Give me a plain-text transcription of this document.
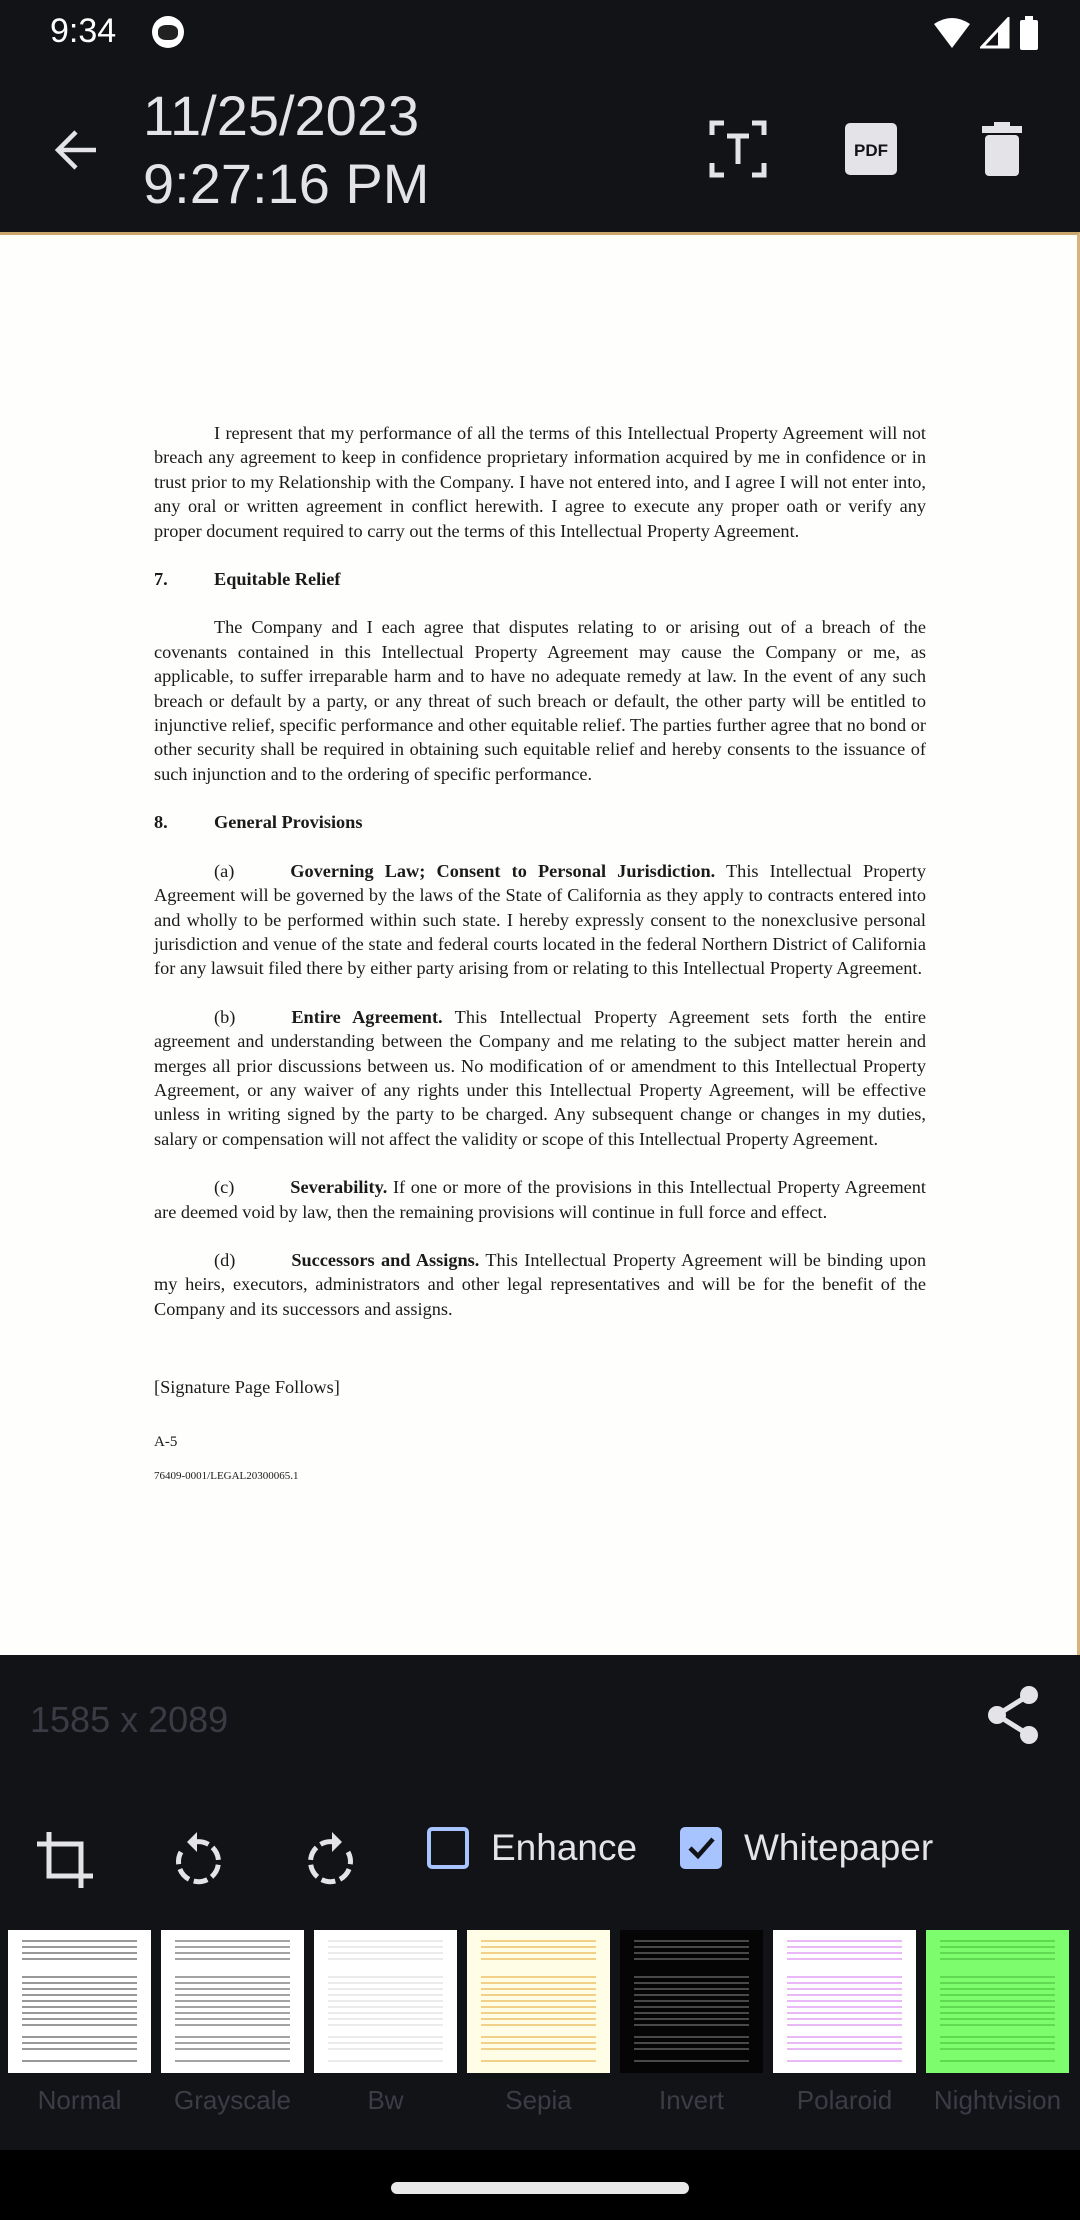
9:34
11/25/2023
9:27:16 PM
PDF

I represent that my performance of all the terms of this Intellectual Property Agreement will not breach any agreement to keep in confidence proprietary information acquired by me in confidence or in trust prior to my Relationship with the Company. I have not entered into, and I agree I will not enter into, any oral or written agreement in conflict herewith. I agree to execute any proper oath or verify any proper document required to carry out the terms of this Intellectual Property Agreement.

7.	Equitable Relief

The Company and I each agree that disputes relating to or arising out of a breach of the covenants contained in this Intellectual Property Agreement may cause the Company or me, as applicable, to suffer irreparable harm and to have no adequate remedy at law. In the event of any such breach or default by a party, or any threat of such breach or default, the other party will be entitled to injunctive relief, specific performance and other equitable relief. The parties further agree that no bond or other security shall be required in obtaining such equitable relief and hereby consents to the issuance of such injunction and to the ordering of specific performance.

8.	General Provisions

(a)	Governing Law; Consent to Personal Jurisdiction. This Intellectual Property Agreement will be governed by the laws of the State of California as they apply to contracts entered into and wholly to be performed within such state. I hereby expressly consent to the nonexclusive personal jurisdiction and venue of the state and federal courts located in the federal Northern District of California for any lawsuit filed there by either party arising from or relating to this Intellectual Property Agreement.

(b)	Entire Agreement. This Intellectual Property Agreement sets forth the entire agreement and understanding between the Company and me relating to the subject matter herein and merges all prior discussions between us. No modification of or amendment to this Intellectual Property Agreement, or any waiver of any rights under this Intellectual Property Agreement, will be effective unless in writing signed by the party to be charged. Any subsequent change or changes in my duties, salary or compensation will not affect the validity or scope of this Intellectual Property Agreement.

(c)	Severability. If one or more of the provisions in this Intellectual Property Agreement are deemed void by law, then the remaining provisions will continue in full force and effect.

(d)	Successors and Assigns. This Intellectual Property Agreement will be binding upon my heirs, executors, administrators and other legal representatives and will be for the benefit of the Company and its successors and assigns.

[Signature Page Follows]

A-5

76409-0001/LEGAL20300065.1
1585 x 2089
Enhance	Whitepaper
Normal Grayscale	Bw	Sepia	Invert	Polaroid Nightvision
